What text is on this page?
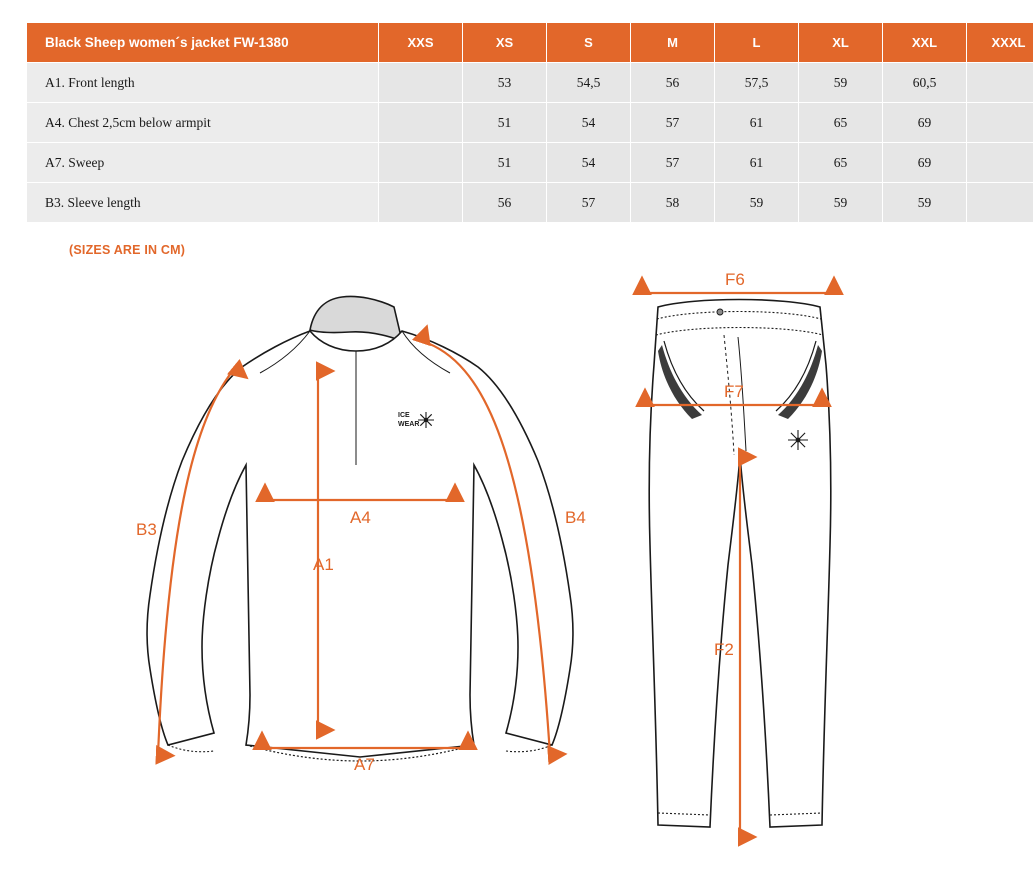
Black Sheep women´s jacket FW-1380	XXS	XS	S	M	L	XL	XXL	XXXL
A1. Front length		53	54,5	56	57,5	59	60,5	
A4. Chest 2,5cm below armpit		51	54	57	61	65	69	
A7. Sweep		51	54	57	61	65	69	
B3. Sleeve length		56	57	58	59	59	59	
(SIZES ARE IN CM)
ICE
WEAR
B3
B4
A4
A1
A7
F6
F7
F2
